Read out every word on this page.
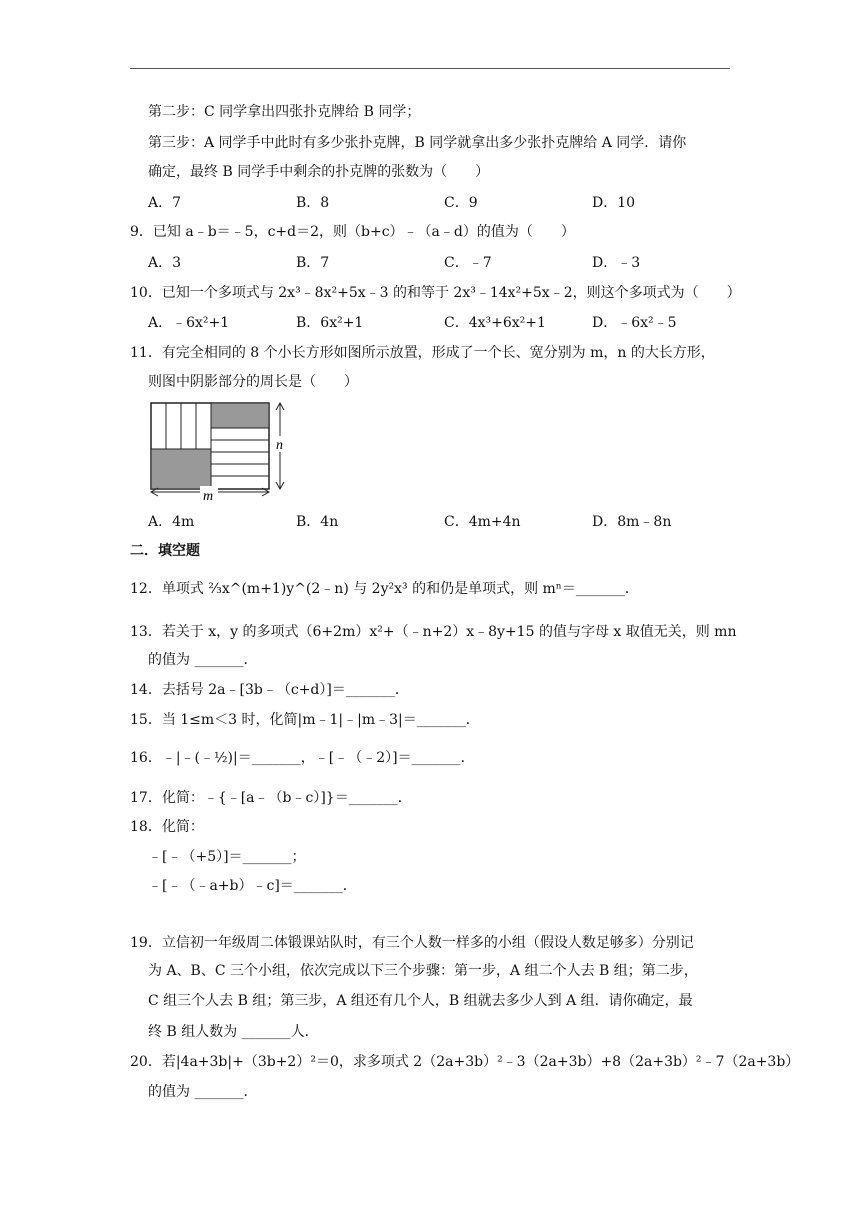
第二步：C 同学拿出四张扑克牌给 B 同学；
第三步：A 同学手中此时有多少张扑克牌，B 同学就拿出多少张扑克牌给 A 同学．请你
确定，最终 B 同学手中剩余的扑克牌的张数为（　　）
A．7	B．8	C．9	D．10
9．已知 a﹣b＝﹣5，c+d＝2，则（b+c）﹣（a﹣d）的值为（　　）
A．3	B．7	C．﹣7	D．﹣3
10．已知一个多项式与 2x³﹣8x²+5x﹣3 的和等于 2x³﹣14x²+5x﹣2，则这个多项式为（　　）
A．﹣6x²+1	B．6x²+1	C．4x³+6x²+1	D．﹣6x²﹣5
11．有完全相同的 8 个小长方形如图所示放置，形成了一个长、宽分别为 m，n 的大长方形，
则图中阴影部分的周长是（　　）
n
m
A．4m	B．4n	C．4m+4n	D．8m﹣8n
二．填空题
12．单项式 ⅔x^(m+1)y^(2﹣n) 与 2y²x³ 的和仍是单项式，则 mⁿ＝_______．
13．若关于 x，y 的多项式（6+2m）x²+（﹣n+2）x﹣8y+15 的值与字母 x 取值无关，则 mn
的值为 _______．
14．去括号 2a﹣[3b﹣（c+d）]＝_______．
15．当 1≤m＜3 时，化简|m﹣1|﹣|m﹣3|＝_______．
16．﹣|﹣(﹣½)|＝_______，﹣[﹣（﹣2）]＝_______．
17．化简：﹣{﹣[a﹣（b﹣c）]}＝_______．
18．化简：
﹣[﹣（+5）]＝_______；
﹣[﹣（﹣a+b）﹣c]＝_______．
19．立信初一年级周二体锻课站队时，有三个人数一样多的小组（假设人数足够多）分别记
为 A、B、C 三个小组，依次完成以下三个步骤：第一步，A 组二个人去 B 组；第二步，
C 组三个人去 B 组；第三步，A 组还有几个人，B 组就去多少人到 A 组．请你确定，最
终 B 组人数为 _______人．
20．若|4a+3b|+（3b+2）²＝0，求多项式 2（2a+3b）²﹣3（2a+3b）+8（2a+3b）²﹣7（2a+3b）
的值为 _______．
